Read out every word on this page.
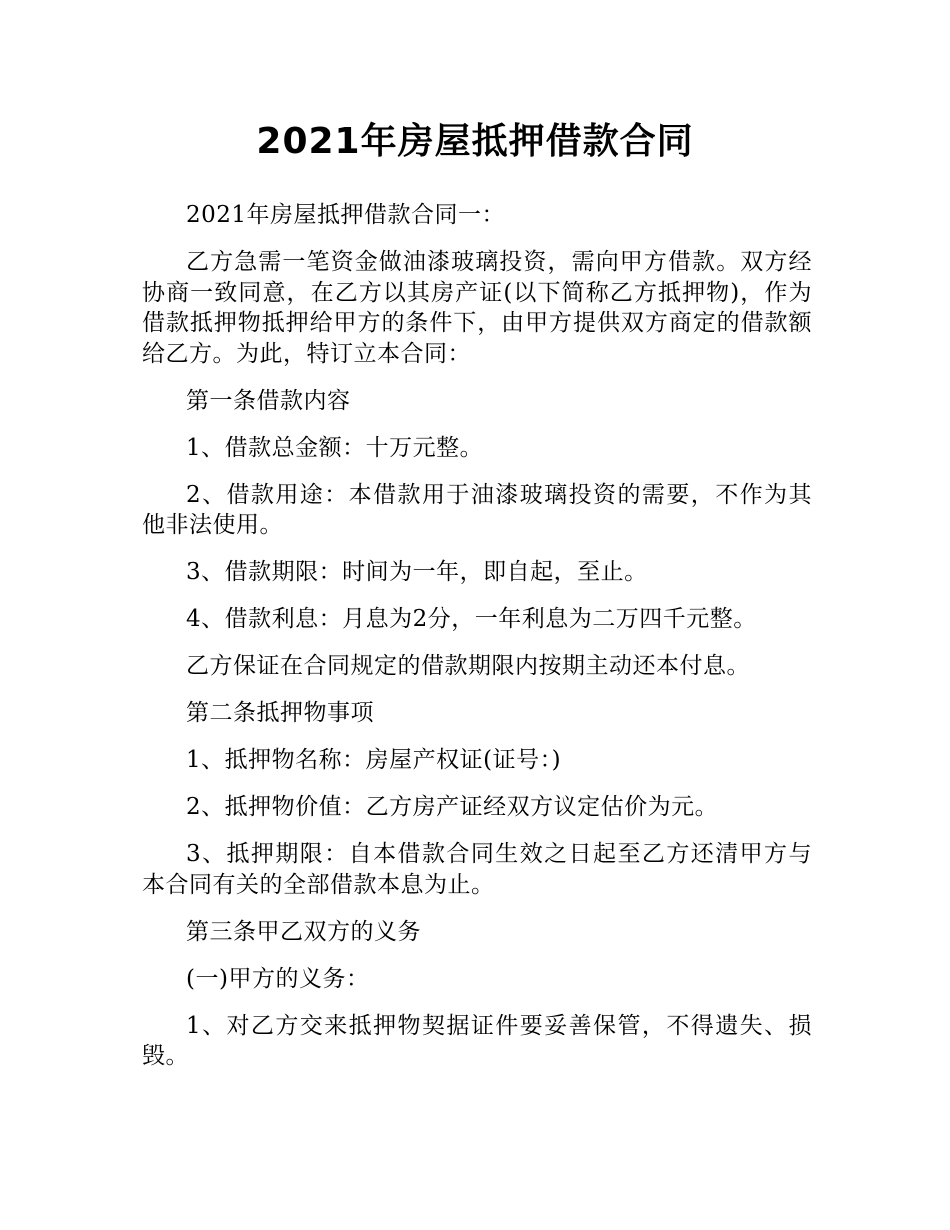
2021年房屋抵押借款合同

2021年房屋抵押借款合同一：

乙方急需一笔资金做油漆玻璃投资，需向甲方借款。双方经协商一致同意，在乙方以其房产证(以下简称乙方抵押物)，作为借款抵押物抵押给甲方的条件下，由甲方提供双方商定的借款额给乙方。为此，特订立本合同：

第一条借款内容

1、借款总金额：十万元整。

2、借款用途：本借款用于油漆玻璃投资的需要，不作为其他非法使用。

3、借款期限：时间为一年，即自起，至止。

4、借款利息：月息为2分，一年利息为二万四千元整。

乙方保证在合同规定的借款期限内按期主动还本付息。

第二条抵押物事项

1、抵押物名称：房屋产权证(证号：)

2、抵押物价值：乙方房产证经双方议定估价为元。

3、抵押期限：自本借款合同生效之日起至乙方还清甲方与本合同有关的全部借款本息为止。

第三条甲乙双方的义务

(一)甲方的义务：

1、对乙方交来抵押物契据证件要妥善保管，不得遗失、损毁。
